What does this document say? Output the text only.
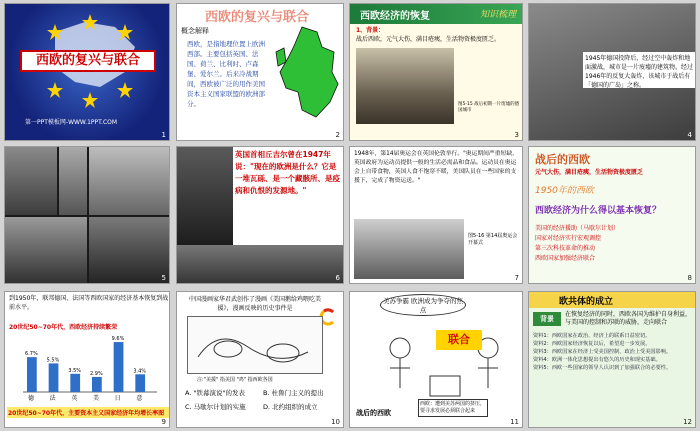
西欧的复兴与联合
第一PPT模板网-WWW.1PPT.COM
1
西欧的复兴与联合
概念解释
西欧，是指地理位置上欧洲西部。主要包括英国、法国、荷兰、比利时、卢森堡、爱尔兰。后来冷战期间，西欧被广泛的用作美国资本主义国家联盟的欧洲部分。
2
西欧经济的恢复	知识梳理
1、背景：
战后西欧，元气大伤，满目疮痍，生活物资极度匮乏。
图5-15 战后初期一片废墟的德国城市
3
1945年德国投降后，经过空中轰炸和地面激战，城市是一片废墟的建筑物。经过1946年的反复大轰炸，该城市于战后有「德国的广岛」之称。
4
5
英国首相丘吉尔曾在1947年说："现在的欧洲是什么？它是一堆瓦砾、是一个藏骸所、是疫病和仇恨的发源地。"
6
1948年，第14届奥运会在英国伦敦举行。"奥运期间严重短缺，英国政府为运动员提供一般的生活必需品和食品。运动员在奥运会上自带食物，英国人食不饱穿不暖，美国队员在一些国家的支援下，完成了物资运送。"
图5-16 第14届奥运会开幕式
7
战后的西欧
元气大伤，满目疮痍，生活物资极度匮乏
1950年的西欧
西欧经济为什么得以基本恢复？
美国的经济援助（马歇尔计划）
国家对经济实行宏观调控
第三次科技革命的推动
西欧国家加强经济联合
8
到1950年，联邦德国、法国等西欧国家的经济基本恢复到战前水平。
20世纪50~70年代，西欧经济持续繁荣
6.7%
德
5.5%
法
3.5%
英
2.9%
美
9.6%
日
3.4%
意
20世纪50~70年代，主要资本主义国家经济年均增长率图
9
中国漫画家华君武创作了漫画《美国鹅给鸡喂吃美援》，漫画反映的历史事件是
注:"美援" 指美国 "鸡" 指西欧各国
A. "铁幕演说"的发表	B. 杜鲁门主义的提出
C. 马歇尔计划的实施	D. 北约组织的成立
10
美苏争霸 欧洲成为争夺的焦点
联合
战后的西欧
西欧：遭到美苏两国的挤压，要寻求发展必须联合起来
11
欧共体的成立
背景
在恢复经济的同时，西欧各国为维护自身利益，与美国的控制和苏联的威胁，走向联合
资料1：西欧国家在政治、经济上的联系日益密切。
资料2：西欧国家经济恢复以后，希望进一步发展。
资料3：西欧国家在经济上受美国控制，政治上受美国影响。
资料4：欧洲一体化思想提出有悠久的历史和现实基础。
资料5：西欧一些国家的领导人认识到了加强联合的必要性。
12
